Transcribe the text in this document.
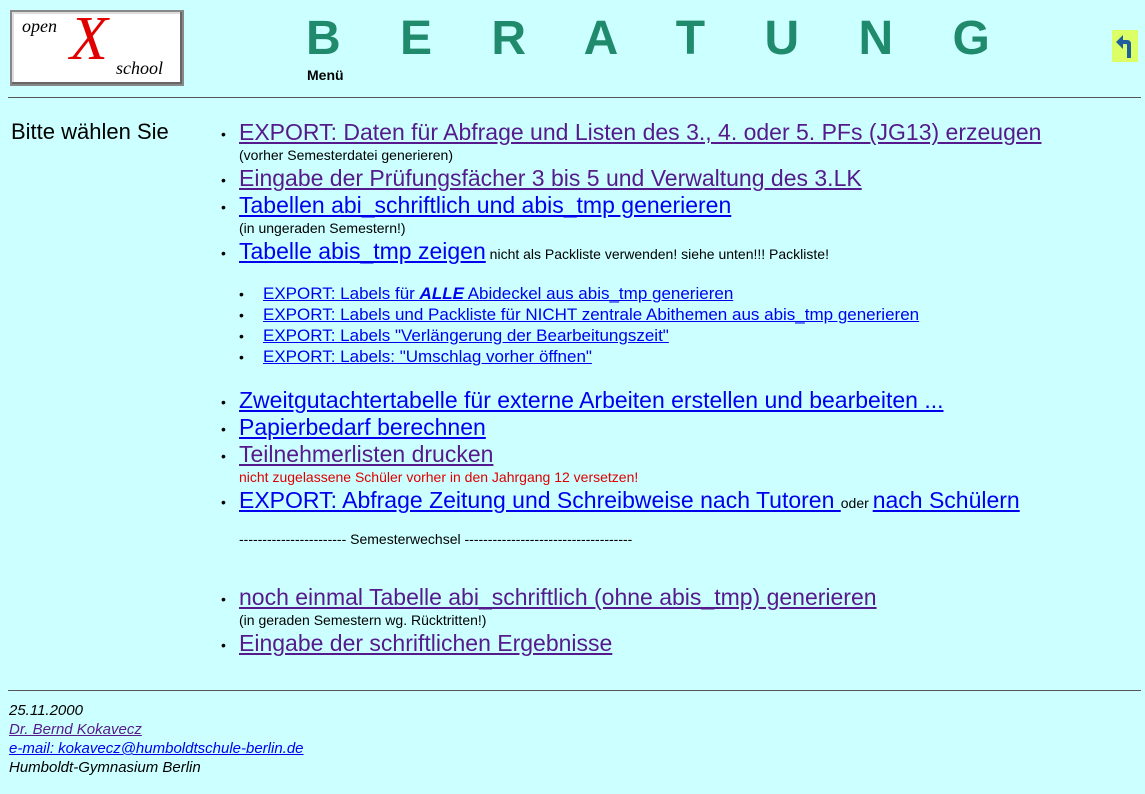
open X school
B E R A T U N G
Menü
Bitte wählen Sie	• EXPORT: Daten für Abfrage und Listen des 3., 4. oder 5. PFs (JG13) erzeugen
(vorher Semesterdatei generieren)
• Eingabe der Prüfungsfächer 3 bis 5 und Verwaltung des 3.LK
• Tabellen abi_schriftlich und abis_tmp generieren
(in ungeraden Semestern!)
• Tabelle abis_tmp zeigen nicht als Packliste verwenden! siehe unten!!! Packliste!
• EXPORT: Labels für ALLE Abideckel aus abis_tmp generieren
• EXPORT: Labels und Packliste für NICHT zentrale Abithemen aus abis_tmp generieren
• EXPORT: Labels "Verlängerung der Bearbeitungszeit"
• EXPORT: Labels: "Umschlag vorher öffnen"
• Zweitgutachtertabelle für externe Arbeiten erstellen und bearbeiten ...
• Papierbedarf berechnen
• Teilnehmerlisten drucken
nicht zugelassene Schüler vorher in den Jahrgang 12 versetzen!
• EXPORT: Abfrage Zeitung und Schreibweise nach Tutoren oder nach Schülern
----------------------- Semesterwechsel ------------------------------------
• noch einmal Tabelle abi_schriftlich (ohne abis_tmp) generieren
(in geraden Semestern wg. Rücktritten!)
• Eingabe der schriftlichen Ergebnisse
25.11.2000
Dr. Bernd Kokavecz
e-mail: kokavecz@humboldtschule-berlin.de
Humboldt-Gymnasium Berlin
